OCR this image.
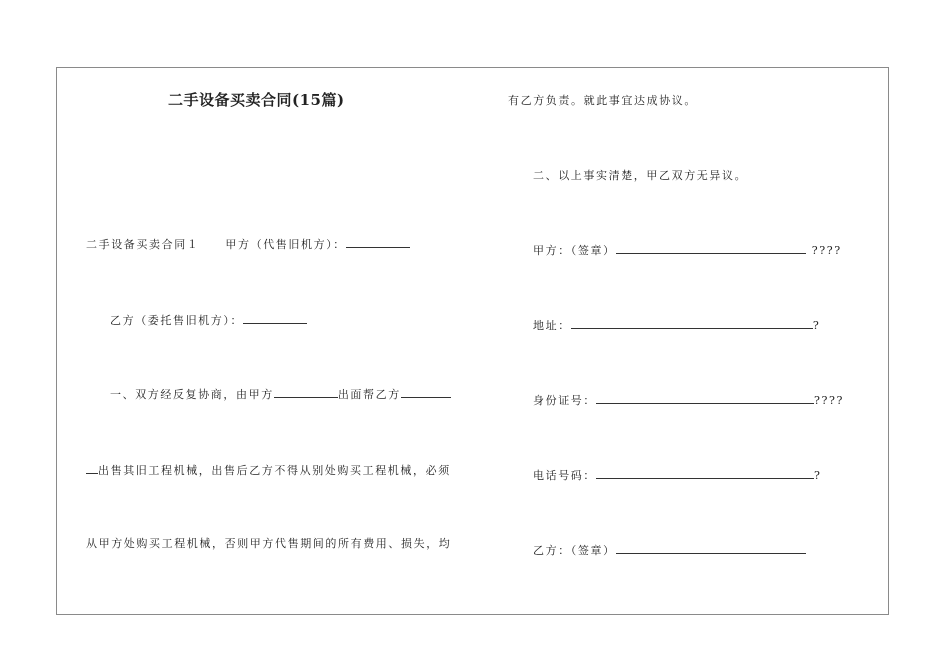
二手设备买卖合同(15篇)
二手设备买卖合同１ 甲方（代售旧机方）：
乙方（委托售旧机方）：
一、双方经反复协商，由甲方	出面帮乙方
出售其旧工程机械，出售后乙方不得从别处购买工程机械，必须
从甲方处购买工程机械，否则甲方代售期间的所有费用、损失，均
有乙方负责。就此事宜达成协议。
二、以上事实清楚，甲乙双方无异议。
甲方：（签章）	????
地址：	?
身份证号：	????
电话号码：	?
乙方：（签章）
